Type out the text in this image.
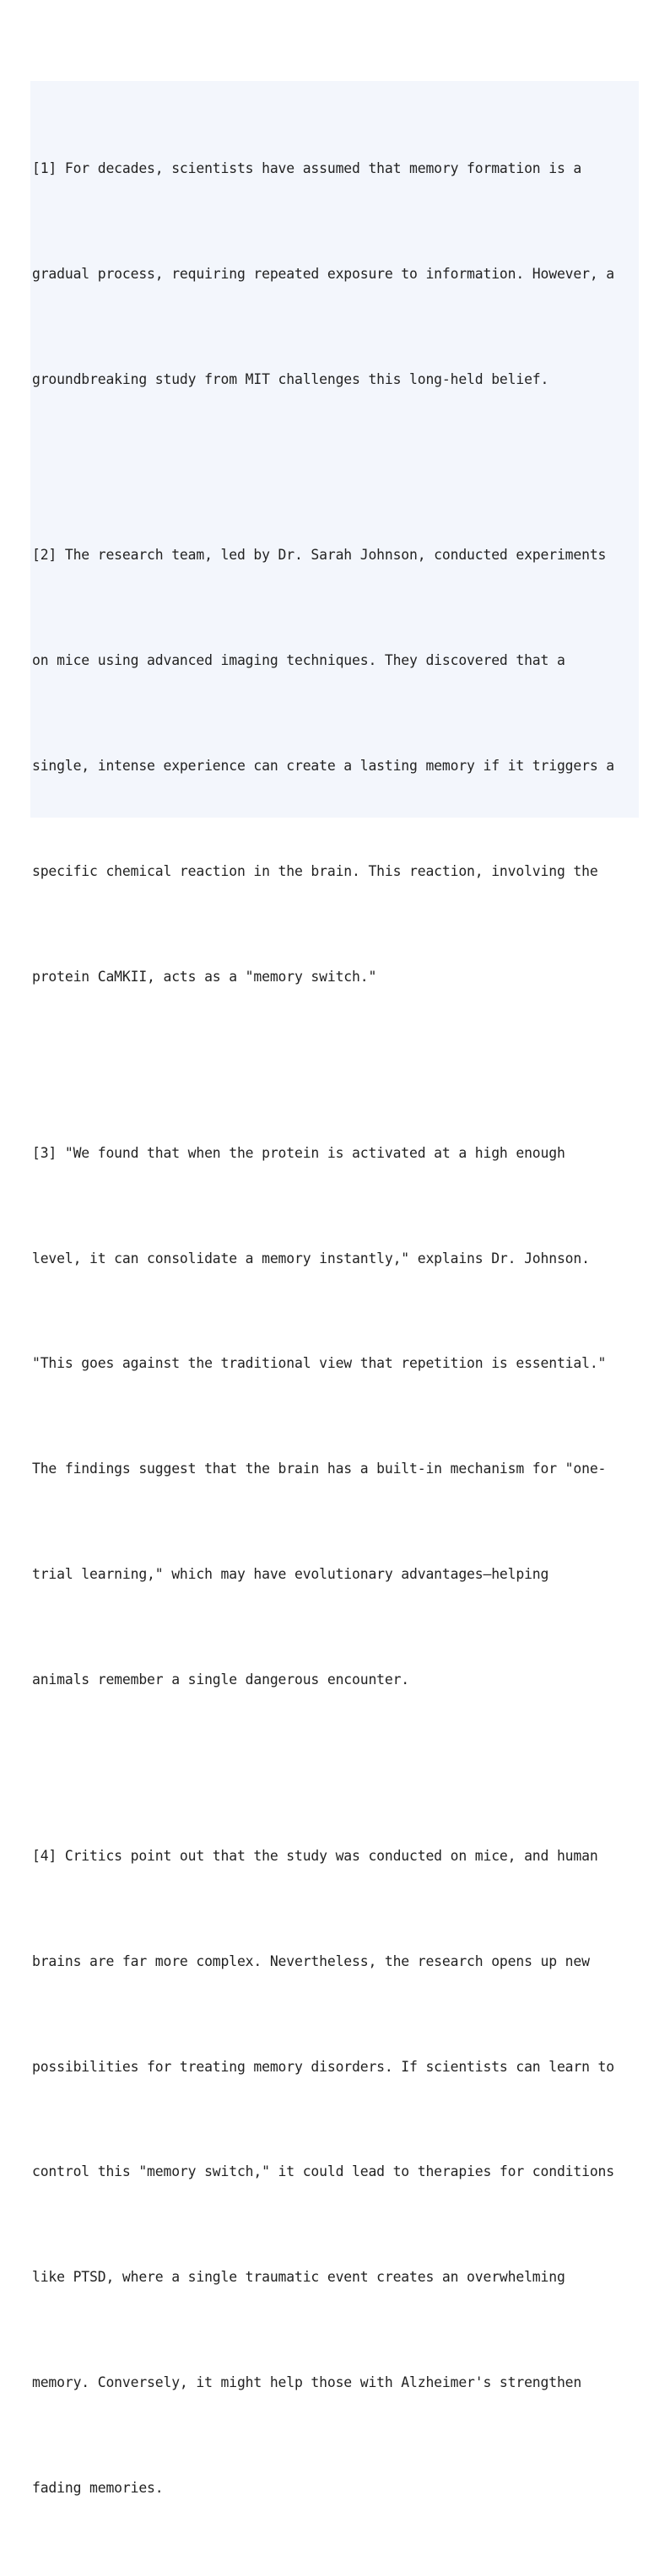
[1] For decades, scientists have assumed that memory formation is a

gradual process, requiring repeated exposure to information. However, a

groundbreaking study from MIT challenges this long-held belief.

[2] The research team, led by Dr. Sarah Johnson, conducted experiments

on mice using advanced imaging techniques. They discovered that a

single, intense experience can create a lasting memory if it triggers a

specific chemical reaction in the brain. This reaction, involving the

protein CaMKII, acts as a "memory switch."

[3] "We found that when the protein is activated at a high enough

level, it can consolidate a memory instantly," explains Dr. Johnson.

"This goes against the traditional view that repetition is essential."

The findings suggest that the brain has a built-in mechanism for "one-

trial learning," which may have evolutionary advantages—helping

animals remember a single dangerous encounter.

[4] Critics point out that the study was conducted on mice, and human

brains are far more complex. Nevertheless, the research opens up new

possibilities for treating memory disorders. If scientists can learn to

control this "memory switch," it could lead to therapies for conditions

like PTSD, where a single traumatic event creates an overwhelming

memory. Conversely, it might help those with Alzheimer's strengthen

fading memories.
